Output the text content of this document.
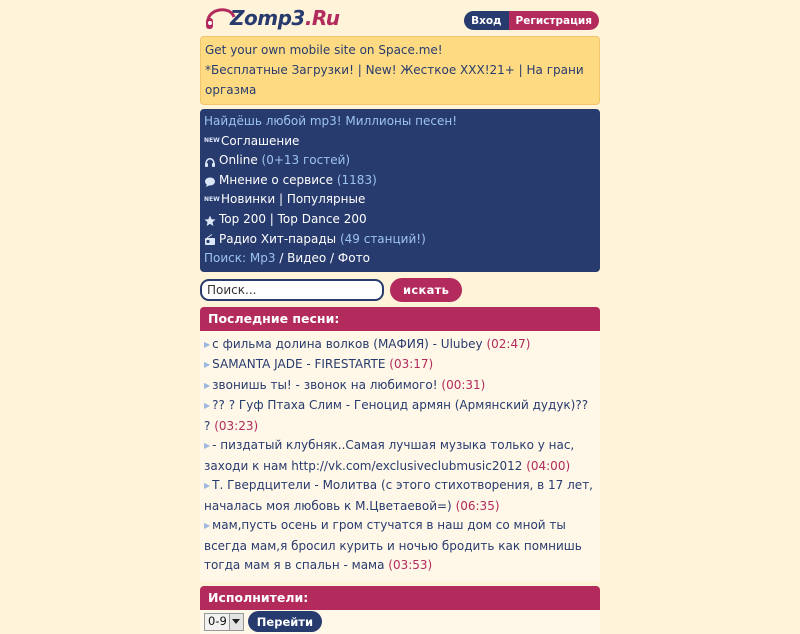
Zomp3.Ru	Вход	Регистрация
Get your own mobile site on Space.me!
*Бесплатные Загрузки! | New! Жесткое XXX!21+ | На грани оргазма
Найдёшь любой mp3! Миллионы песен!
NEW Соглашение
Online
(0+13 гостей)
Мнение о сервисе
(1183)
NEW Новинки | Популярные
Top 200 | Top Dance 200
Радио Хит-парады
(49 станций!)
Поиск:
Mp3 / Видео / Фото
Поиск...
искать
Последние песни:
▶ с фильма долина волков (МАФИЯ) - Ulubey (02:47)
▶ SAMANTA JADE - FIRESTARTE (03:17)
▶ звонишь ты! - звонок на любимого! (00:31)
▶ ?? ? Гуф Птаха Слим - Геноцид армян (Армянский дудук)?? ? (03:23)
▶ - пиздатый клубняк..Самая лучшая музыка только у нас, заходи к нам http://vk.com/exclusiveclubmusic2012 (04:00)
▶ Т. Гвердцители - Молитва (с этого стихотворения, в 17 лет, началась моя любовь к М.Цветаевой=) (06:35)
▶ мам,пусть осень и гром стучатся в наш дом со мной ты всегда мам,я бросил курить и ночью бродить как помнишь тогда мам я в спальн - мама (03:53)
Исполнители:
0-9	Перейти
